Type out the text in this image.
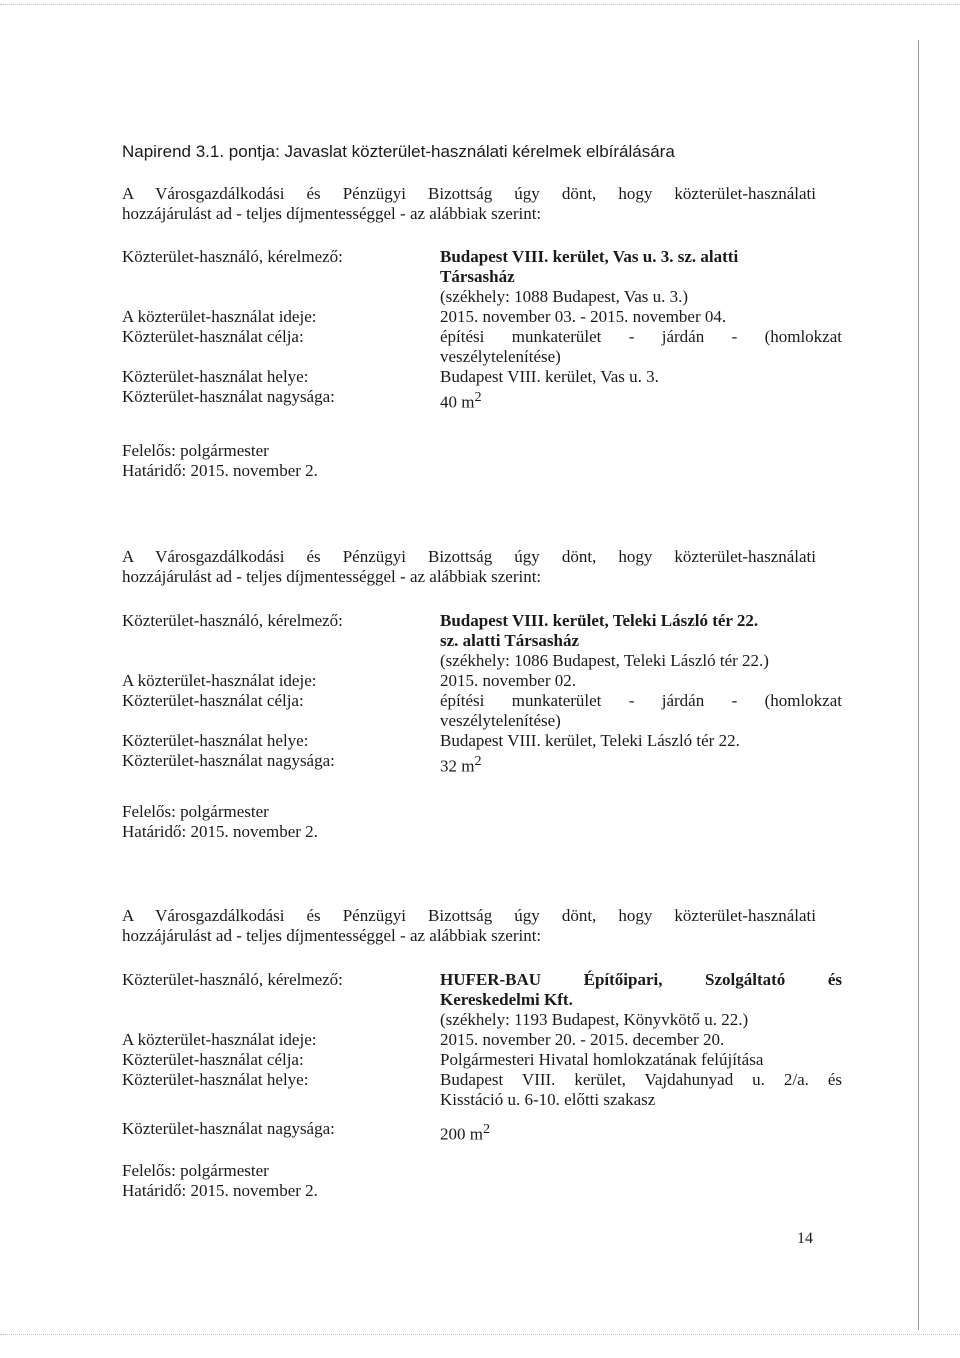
Napirend 3.1. pontja: Javaslat közterület-használati kérelmek elbírálására
A Városgazdálkodási és Pénzügyi Bizottság úgy dönt, hogy közterület-használati
hozzájárulást ad - teljes díjmentességgel - az alábbiak szerint:
Közterület-használó, kérelmező:	Budapest VIII. kerület, Vas u. 3. sz. alatti
Társasház
(székhely: 1088 Budapest, Vas u. 3.)
A közterület-használat ideje:	2015. november 03. - 2015. november 04.
Közterület-használat célja:	építési munkaterület - járdán - (homlokzat
veszélytelenítése)
Közterület-használat helye:	Budapest VIII. kerület, Vas u. 3.
Közterület-használat nagysága:	40 $m^2$
Felelős: polgármester
Határidő: 2015. november 2.
A Városgazdálkodási és Pénzügyi Bizottság úgy dönt, hogy közterület-használati
hozzájárulást ad - teljes díjmentességgel - az alábbiak szerint:
Közterület-használó, kérelmező:	Budapest VIII. kerület, Teleki László tér 22.
sz. alatti Társasház
(székhely: 1086 Budapest, Teleki László tér 22.)
A közterület-használat ideje:	2015. november 02.
Közterület-használat célja:	építési munkaterület - járdán - (homlokzat
veszélytelenítése)
Közterület-használat helye:	Budapest VIII. kerület, Teleki László tér 22.
Közterület-használat nagysága:	32 $m^2$
Felelős: polgármester
Határidő: 2015. november 2.
A Városgazdálkodási és Pénzügyi Bizottság úgy dönt, hogy közterület-használati
hozzájárulást ad - teljes díjmentességgel - az alábbiak szerint:
Közterület-használó, kérelmező:	HUFER-BAU Építőipari, Szolgáltató és
Kereskedelmi Kft.
(székhely: 1193 Budapest, Könyvkötő u. 22.)
A közterület-használat ideje:	2015. november 20. - 2015. december 20.
Közterület-használat célja:	Polgármesteri Hivatal homlokzatának felújítása
Közterület-használat helye:	Budapest VIII. kerület, Vajdahunyad u. 2/a. és
Kisstáció u. 6-10. előtti szakasz
Közterület-használat nagysága:	200 $m^2$
Felelős: polgármester
Határidő: 2015. november 2.
14
